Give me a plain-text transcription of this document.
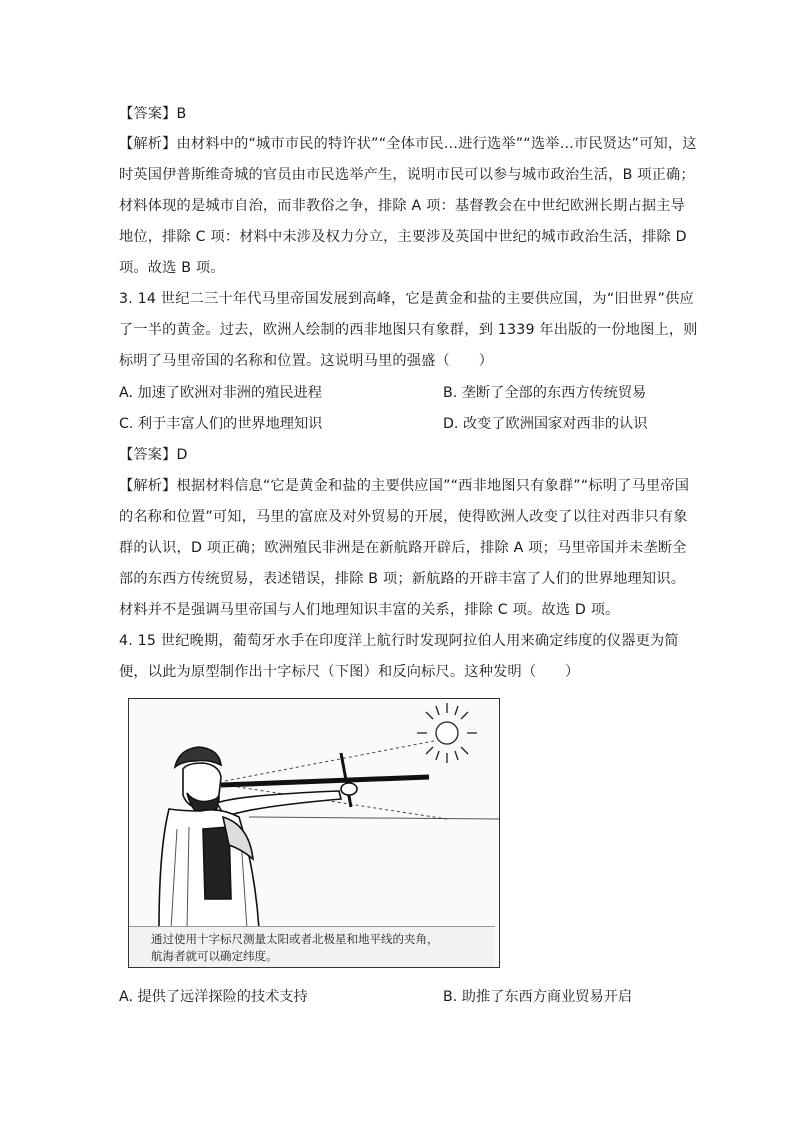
【答案】B
【解析】由材料中的“城市市民的特许状”“全体市民…进行选举”“选举…市民贤达”可知，这
时英国伊普斯维奇城的官员由市民选举产生，说明市民可以参与城市政治生活，B 项正确；
材料体现的是城市自治，而非教俗之争，排除 A 项：基督教会在中世纪欧洲长期占据主导
地位，排除 C 项：材料中未涉及权力分立，主要涉及英国中世纪的城市政治生活，排除 D
项。故选 B 项。
3. 14 世纪二三十年代马里帝国发展到高峰，它是黄金和盐的主要供应国，为“旧世界”供应
了一半的黄金。过去，欧洲人绘制的西非地图只有象群，到 1339 年出版的一份地图上，则
标明了马里帝国的名称和位置。这说明马里的强盛（　　）
A. 加速了欧洲对非洲的殖民进程	B. 垄断了全部的东西方传统贸易
C. 利于丰富人们的世界地理知识	D. 改变了欧洲国家对西非的认识
【答案】D
【解析】根据材料信息“它是黄金和盐的主要供应国”“西非地图只有象群”“标明了马里帝国
的名称和位置”可知，马里的富庶及对外贸易的开展，使得欧洲人改变了以往对西非只有象
群的认识，D 项正确；欧洲殖民非洲是在新航路开辟后，排除 A 项；马里帝国并未垄断全
部的东西方传统贸易，表述错误，排除 B 项；新航路的开辟丰富了人们的世界地理知识。
材料并不是强调马里帝国与人们地理知识丰富的关系，排除 C 项。故选 D 项。
4. 15 世纪晚期，葡萄牙水手在印度洋上航行时发现阿拉伯人用来确定纬度的仪器更为简
便，以此为原型制作出十字标尺（下图）和反向标尺。这种发明（　　）
通过使用十字标尺测量太阳或者北极星和地平线的夹角，
航海者就可以确定纬度。
A. 提供了远洋探险的技术支持	B. 助推了东西方商业贸易开启
